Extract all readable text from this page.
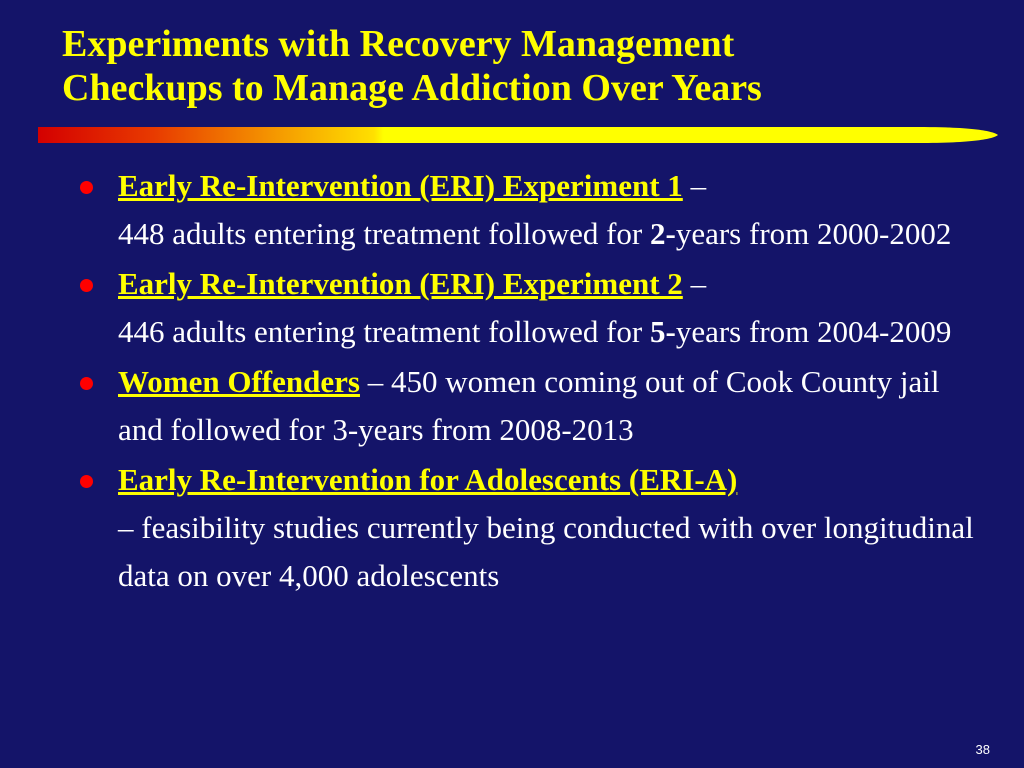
Experiments with Recovery Management
Checkups to Manage Addiction Over Years
Early Re-Intervention (ERI) Experiment 1 –
448 adults entering treatment followed for 2-years from 2000-2002
Early Re-Intervention (ERI) Experiment 2 –
446 adults entering treatment followed for 5-years from 2004-2009
Women Offenders – 450 women coming out of Cook County jail and followed for 3-years from 2008-2013
Early Re-Intervention for Adolescents (ERI-A)
– feasibility studies currently being conducted with over longitudinal data on over 4,000 adolescents
38
